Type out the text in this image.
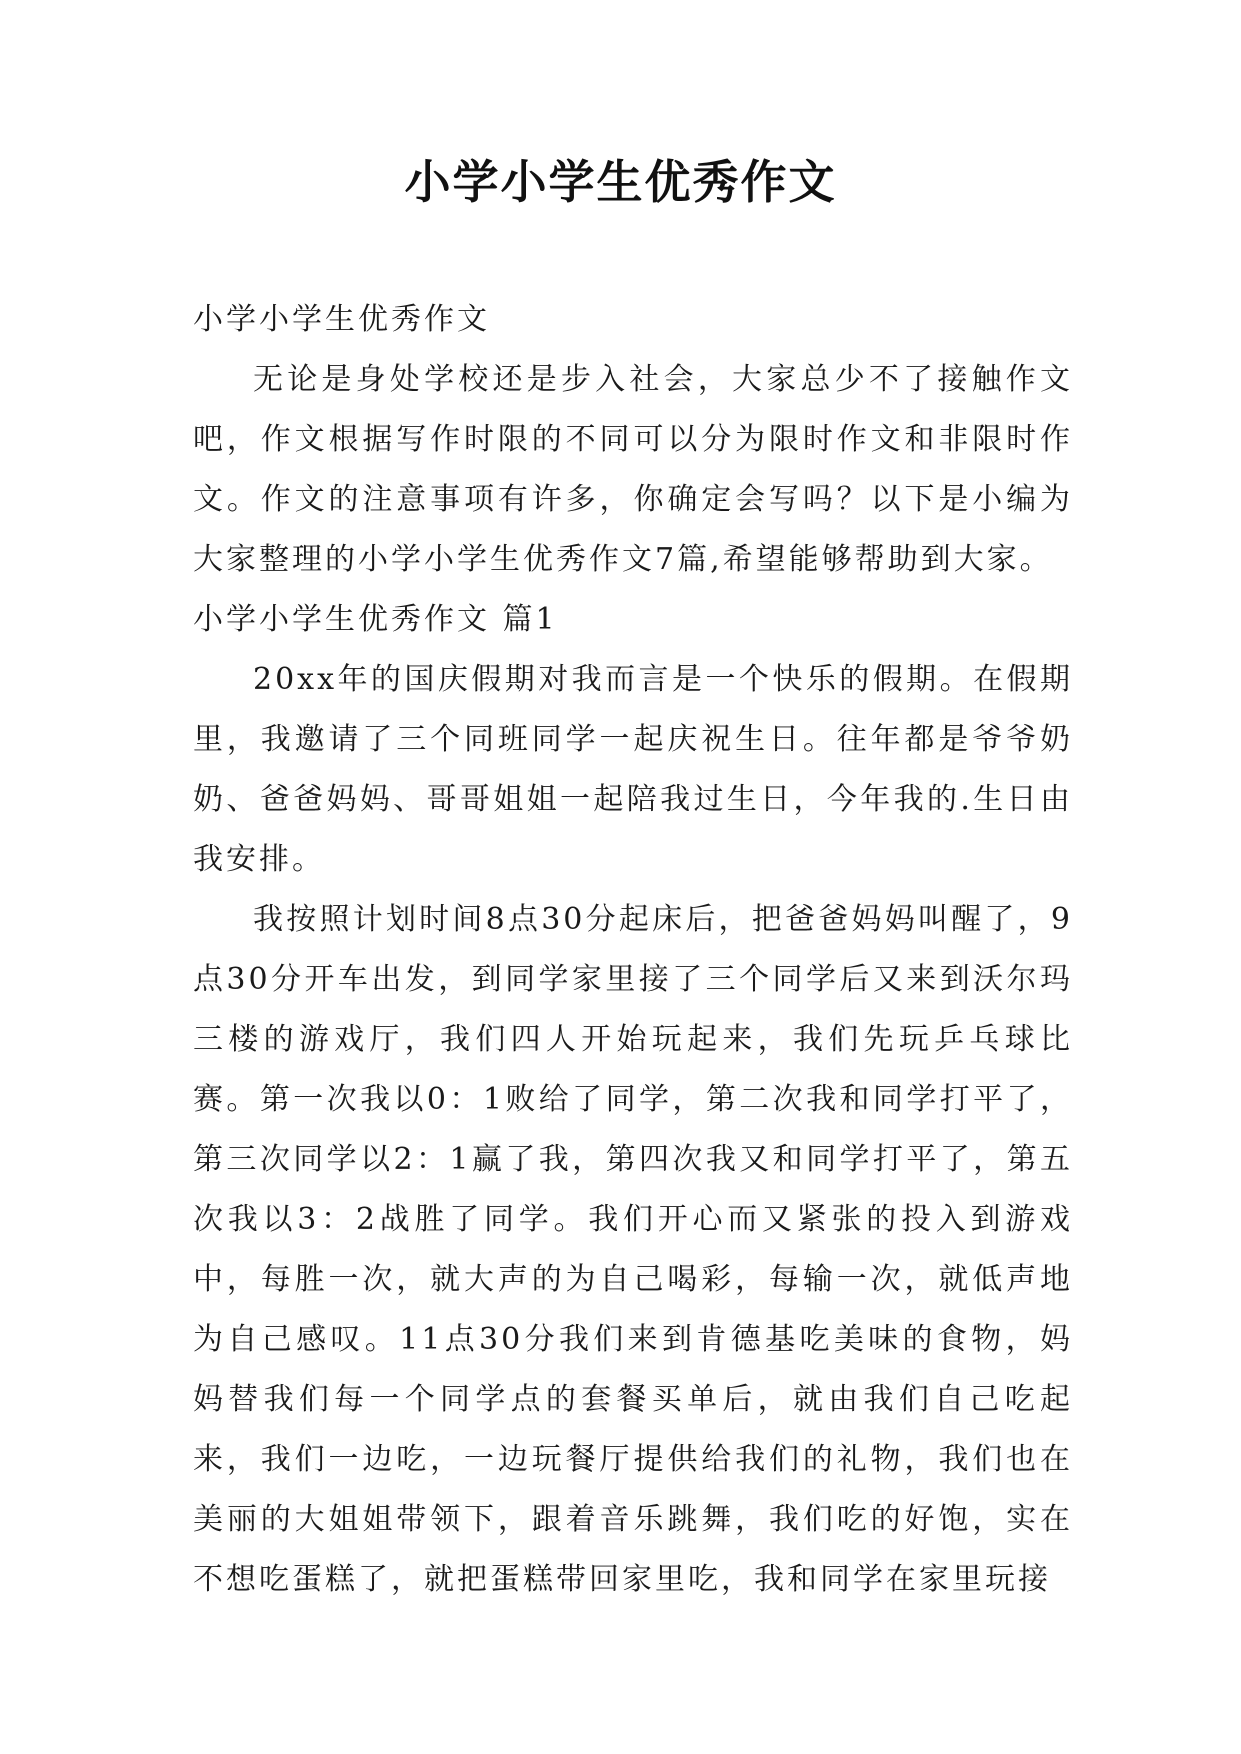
小学小学生优秀作文
小学小学生优秀作文

无论是身处学校还是步入社会，大家总少不了接触作文吧，作文根据写作时限的不同可以分为限时作文和非限时作文。作文的注意事项有许多，你确定会写吗？以下是小编为大家整理的小学小学生优秀作文7篇,希望能够帮助到大家。

小学小学生优秀作文 篇1

20xx年的国庆假期对我而言是一个快乐的假期。在假期里，我邀请了三个同班同学一起庆祝生日。往年都是爷爷奶奶、爸爸妈妈、哥哥姐姐一起陪我过生日，今年我的.生日由我安排。

我按照计划时间8点30分起床后，把爸爸妈妈叫醒了，9点30分开车出发，到同学家里接了三个同学后又来到沃尔玛三楼的游戏厅，我们四人开始玩起来，我们先玩乒乓球比赛。第一次我以0：1败给了同学，第二次我和同学打平了，第三次同学以2：1赢了我，第四次我又和同学打平了，第五次我以3：2战胜了同学。我们开心而又紧张的投入到游戏中，每胜一次，就大声的为自己喝彩，每输一次，就低声地为自己感叹。11点30分我们来到肯德基吃美味的食物，妈妈替我们每一个同学点的套餐买单后，就由我们自己吃起来，我们一边吃，一边玩餐厅提供给我们的礼物，我们也在美丽的大姐姐带领下，跟着音乐跳舞，我们吃的好饱，实在不想吃蛋糕了，就把蛋糕带回家里吃，我和同学在家里玩接
